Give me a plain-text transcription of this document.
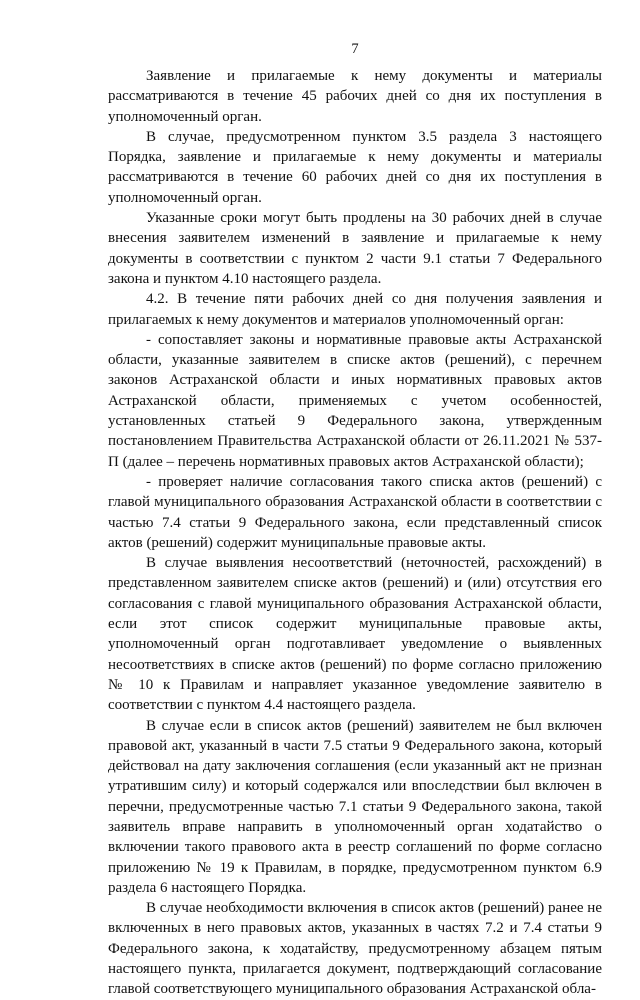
7

Заявление и прилагаемые к нему документы и материалы рассматриваются в течение 45 рабочих дней со дня их поступления в уполномоченный орган.

В случае, предусмотренном пунктом 3.5 раздела 3 настоящего Порядка, заявление и прилагаемые к нему документы и материалы рассматриваются в течение 60 рабочих дней со дня их поступления в уполномоченный орган.

Указанные сроки могут быть продлены на 30 рабочих дней в случае внесения заявителем изменений в заявление и прилагаемые к нему документы в соответствии с пунктом 2 части 9.1 статьи 7 Федерального закона и пунктом 4.10 настоящего раздела.

4.2. В течение пяти рабочих дней со дня получения заявления и прилагаемых к нему документов и материалов уполномоченный орган:

- сопоставляет законы и нормативные правовые акты Астраханской области, указанные заявителем в списке актов (решений), с перечнем законов Астраханской области и иных нормативных правовых актов Астраханской области, применяемых с учетом особенностей, установленных статьей 9 Федерального закона, утвержденным постановлением Правительства Астраханской области от 26.11.2021 № 537-П (далее – перечень нормативных правовых актов Астраханской области);

- проверяет наличие согласования такого списка актов (решений) с главой муниципального образования Астраханской области в соответствии с частью 7.4 статьи 9 Федерального закона, если представленный список актов (решений) содержит муниципальные правовые акты.

В случае выявления несоответствий (неточностей, расхождений) в представленном заявителем списке актов (решений) и (или) отсутствия его согласования с главой муниципального образования Астраханской области, если этот список содержит муниципальные правовые акты, уполномоченный орган подготавливает уведомление о выявленных несоответствиях в списке актов (решений) по форме согласно приложению № 10 к Правилам и направляет указанное уведомление заявителю в соответствии с пунктом 4.4 настоящего раздела.

В случае если в список актов (решений) заявителем не был включен правовой акт, указанный в части 7.5 статьи 9 Федерального закона, который действовал на дату заключения соглашения (если указанный акт не признан утратившим силу) и который содержался или впоследствии был включен в перечни, предусмотренные частью 7.1 статьи 9 Федерального закона, такой заявитель вправе направить в уполномоченный орган ходатайство о включении такого правового акта в реестр соглашений по форме согласно приложению № 19 к Правилам, в порядке, предусмотренном пунктом 6.9 раздела 6 настоящего Порядка.

В случае необходимости включения в список актов (решений) ранее не включенных в него правовых актов, указанных в частях 7.2 и 7.4 статьи 9 Федерального закона, к ходатайству, предусмотренному абзацем пятым настоящего пункта, прилагается документ, подтверждающий согласование главой соответствующего муниципального образования Астраханской обла-
